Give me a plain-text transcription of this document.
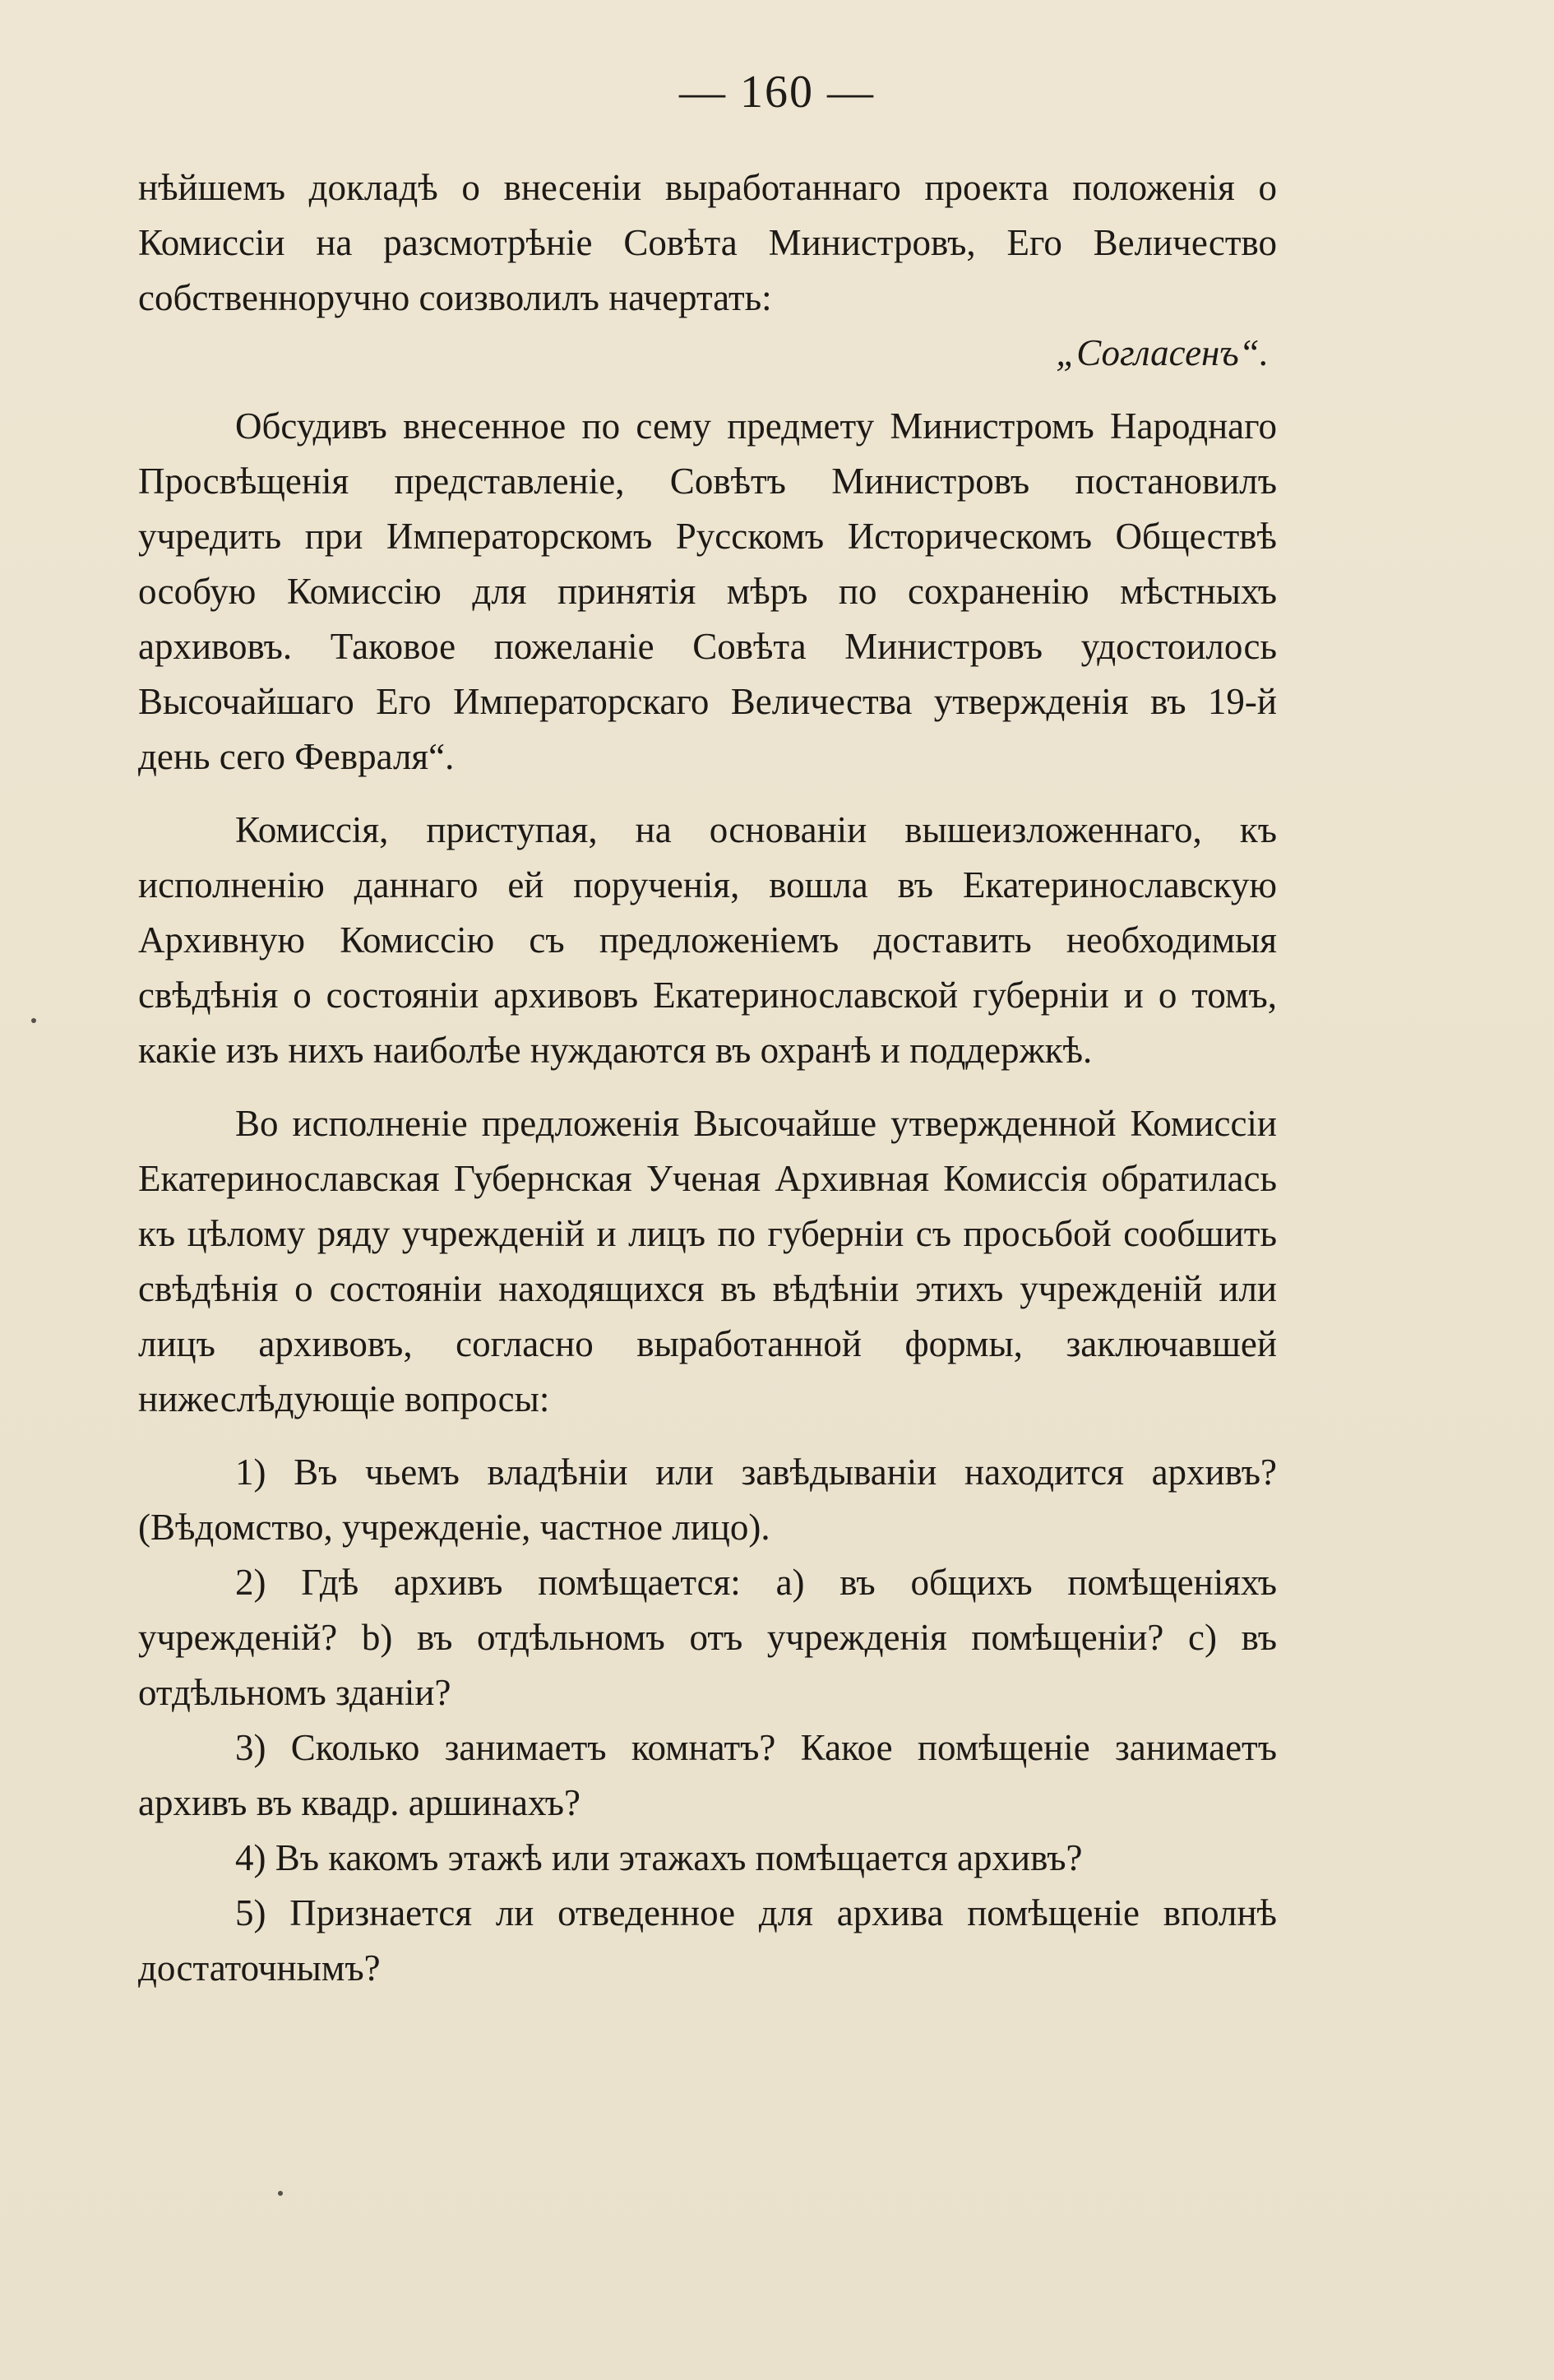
— 160 —

нѣйшемъ докладѣ о внесеніи выработаннаго проекта положенія о Комиссіи на разсмотрѣніе Совѣта Министровъ, Его Величество собственноручно соизволилъ начертать:

„Согласенъ“.

Обсудивъ внесенное по сему предмету Министромъ Народнаго Просвѣщенія представленіе, Совѣтъ Министровъ постановилъ учредить при Императорскомъ Русскомъ Историческомъ Обществѣ особую Комиссію для принятія мѣръ по сохраненію мѣстныхъ архивовъ. Таковое пожеланіе Совѣта Министровъ удостоилось Высочайшаго Его Императорскаго Величества утвержденія въ 19-й день сего Февраля“.

Комиссія, приступая, на основаніи вышеизложеннаго, къ исполненію даннаго ей порученія, вошла въ Екатеринославскую Архивную Комиссію съ предложеніемъ доставить необходимыя свѣдѣнія о состояніи архивовъ Екатеринославской губерніи и о томъ, какіе изъ нихъ наиболѣе нуждаются въ охранѣ и поддержкѣ.

Во исполненіе предложенія Высочайше утвержденной Комиссіи Екатеринославская Губернская Ученая Архивная Комиссія обратилась къ цѣлому ряду учрежденій и лицъ по губерніи съ просьбой сообшить свѣдѣнія о состояніи находящихся въ вѣдѣніи этихъ учрежденій или лицъ архивовъ, согласно выработанной формы, заключавшей нижеслѣдующіе вопросы:

1) Въ чьемъ владѣніи или завѣдываніи находится архивъ? (Вѣдомство, учрежденіе, частное лицо).

2) Гдѣ архивъ помѣщается: a) въ общихъ помѣщеніяхъ учрежденій? b) въ отдѣльномъ отъ учрежденія помѣщеніи? c) въ отдѣльномъ зданіи?

3) Сколько занимаетъ комнатъ? Какое помѣщеніе занимаетъ архивъ въ квадр. аршинахъ?

4) Въ какомъ этажѣ или этажахъ помѣщается архивъ?

5) Признается ли отведенное для архива помѣщеніе вполнѣ достаточнымъ?
